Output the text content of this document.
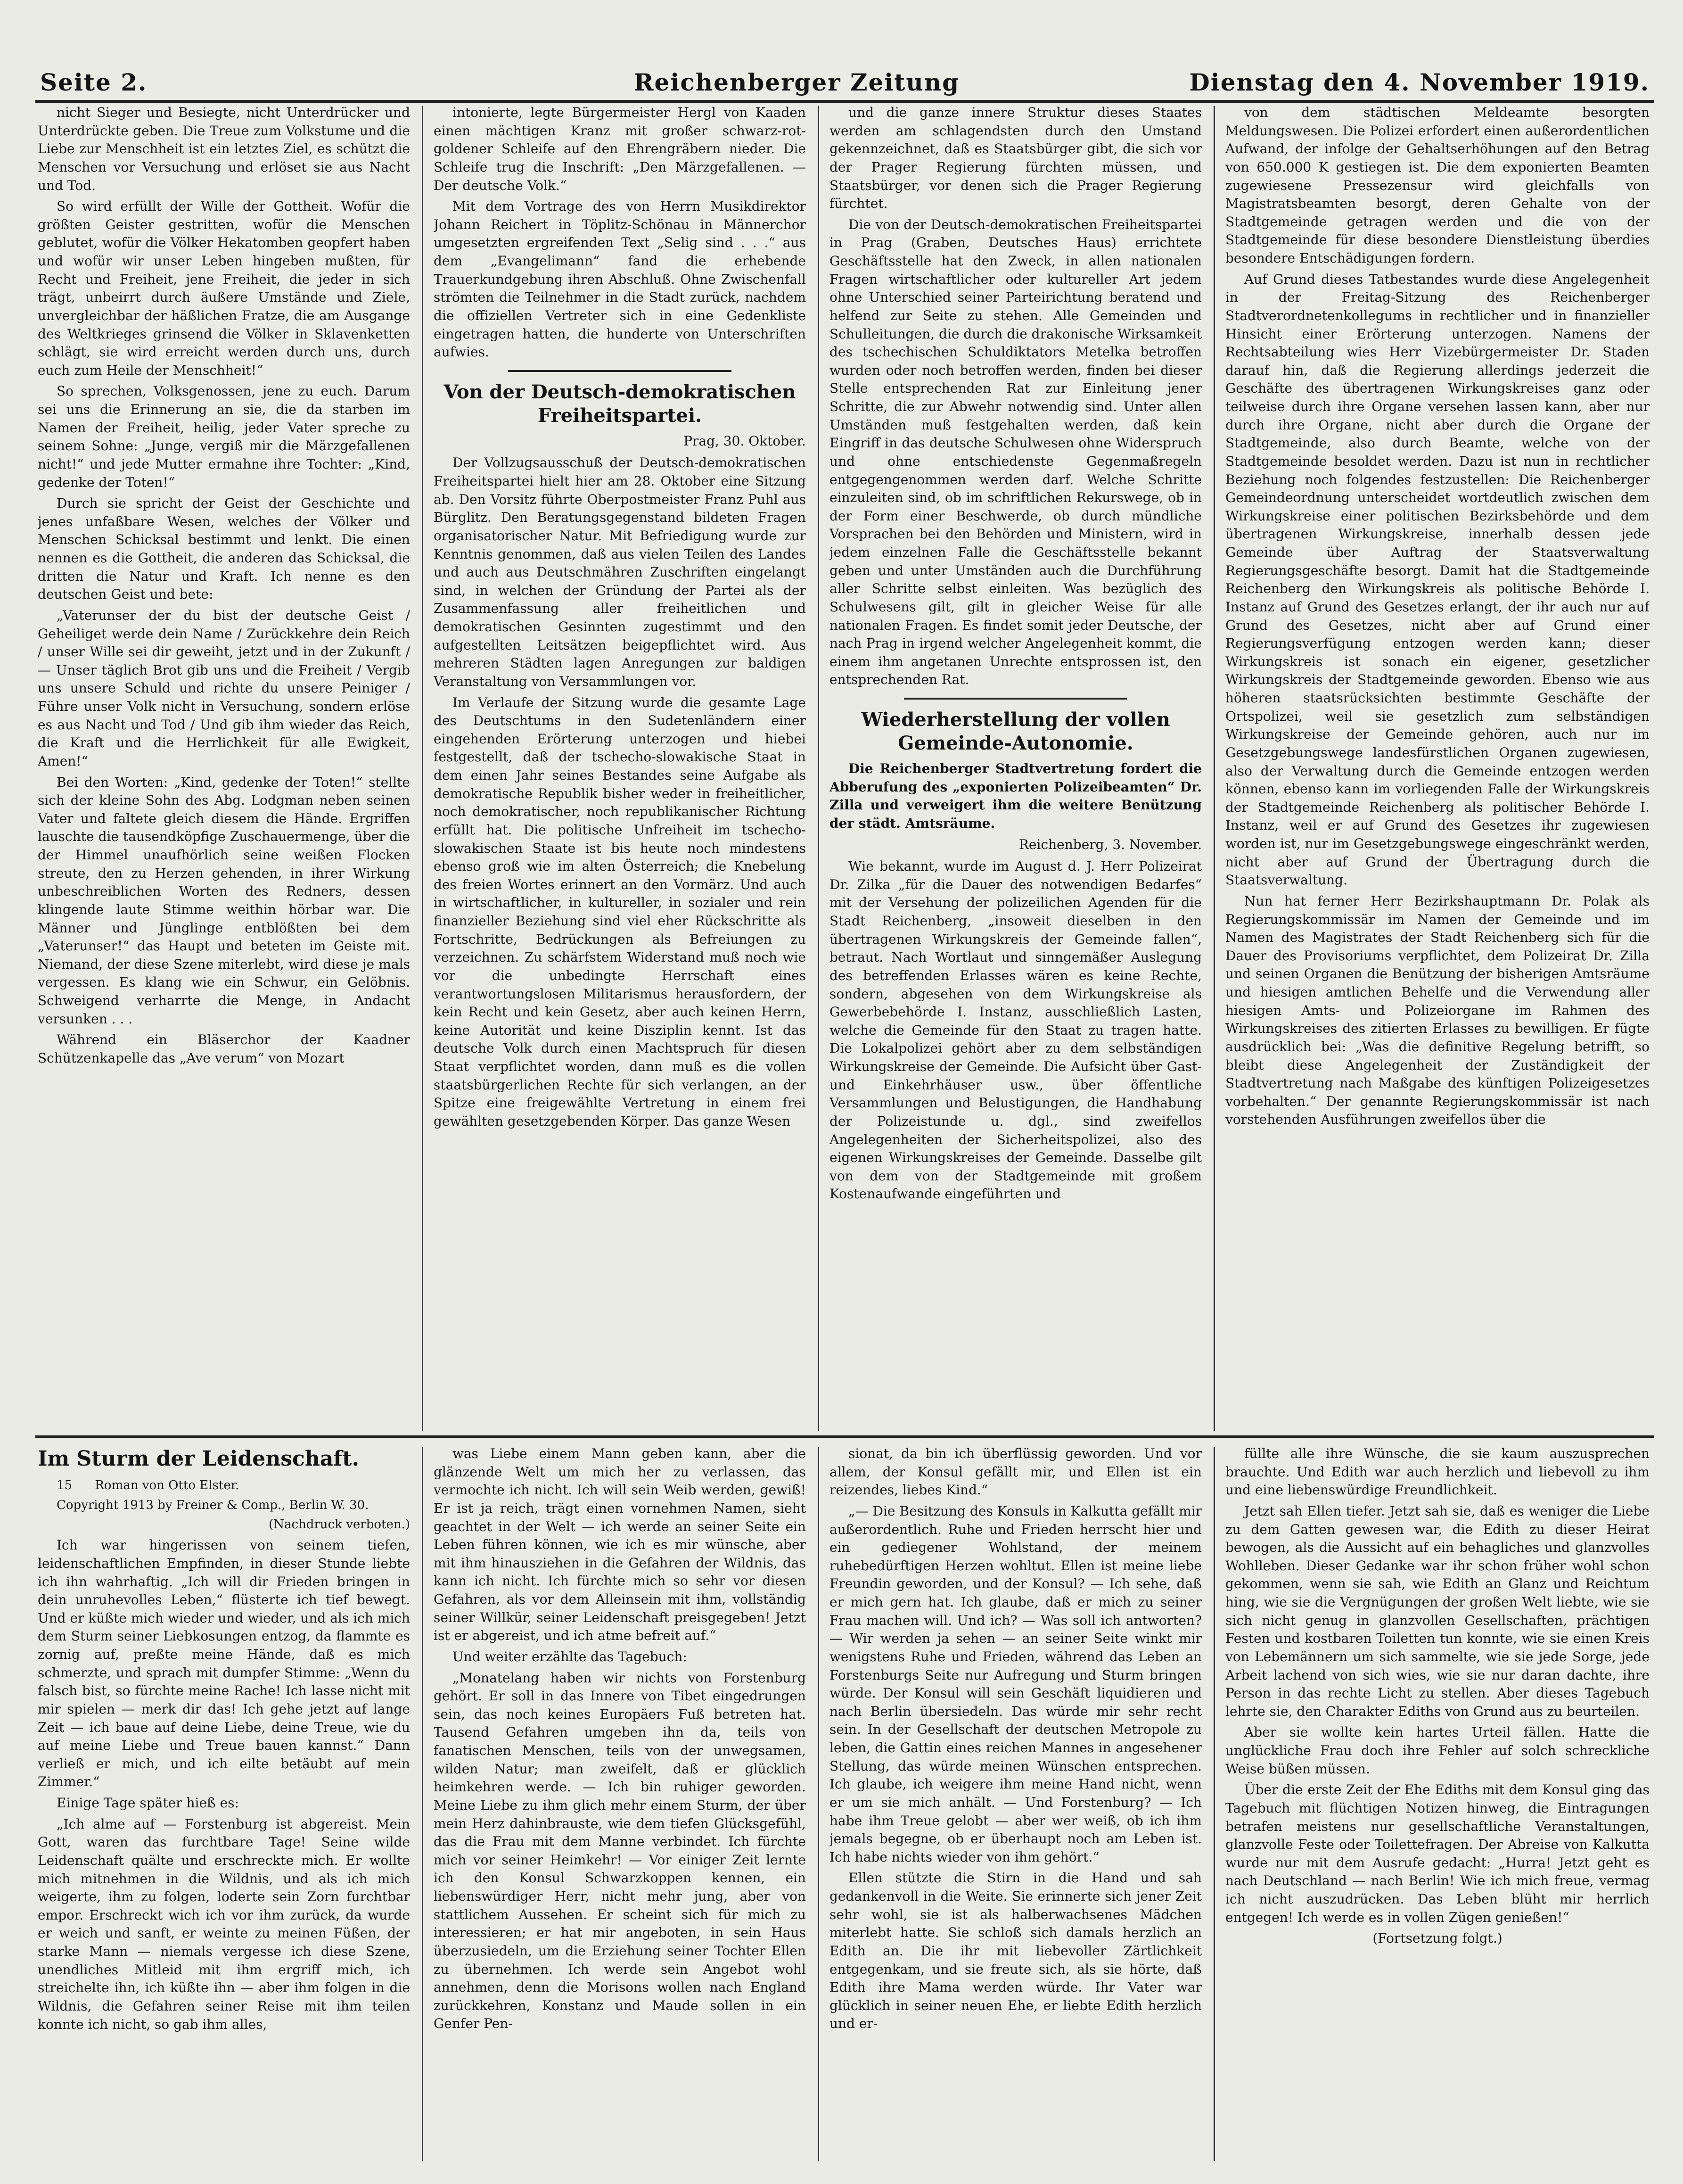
Seite 2.	Reichenberger Zeitung	Dienstag den 4. November 1919.

nicht Sieger und Besiegte, nicht Unterdrücker und Unterdrückte geben. Die Treue zum Volkstume und die Liebe zur Menschheit ist ein letztes Ziel, es schützt die Menschen vor Versuchung und erlöset sie aus Nacht und Tod.

So wird erfüllt der Wille der Gottheit. Wofür die größten Geister gestritten, wofür die Menschen geblutet, wofür die Völker Hekatomben geopfert haben und wofür wir unser Leben hingeben mußten, für Recht und Freiheit, jene Freiheit, die jeder in sich trägt, unbeirrt durch äußere Umstände und Ziele, unvergleichbar der häßlichen Fratze, die am Ausgange des Weltkrieges grinsend die Völker in Sklavenketten schlägt, sie wird erreicht werden durch uns, durch euch zum Heile der Menschheit!“

So sprechen, Volksgenossen, jene zu euch. Darum sei uns die Erinnerung an sie, die da starben im Namen der Freiheit, heilig, jeder Vater spreche zu seinem Sohne: „Junge, vergiß mir die Märzgefallenen nicht!“ und jede Mutter ermahne ihre Tochter: „Kind, gedenke der Toten!“

Durch sie spricht der Geist der Geschichte und jenes unfaßbare Wesen, welches der Völker und Menschen Schicksal bestimmt und lenkt. Die einen nennen es die Gottheit, die anderen das Schicksal, die dritten die Natur und Kraft. Ich nenne es den deutschen Geist und bete:

„Vaterunser der du bist der deutsche Geist / Geheiliget werde dein Name / Zurückkehre dein Reich / unser Wille sei dir geweiht, jetzt und in der Zukunft / — Unser täglich Brot gib uns und die Freiheit / Vergib uns unsere Schuld und richte du unsere Peiniger / Führe unser Volk nicht in Versuchung, sondern erlöse es aus Nacht und Tod / Und gib ihm wieder das Reich, die Kraft und die Herrlichkeit für alle Ewigkeit, Amen!“

Bei den Worten: „Kind, gedenke der Toten!“ stellte sich der kleine Sohn des Abg. Lodgman neben seinen Vater und faltete gleich diesem die Hände. Ergriffen lauschte die tausendköpfige Zuschauermenge, über die der Himmel unaufhörlich seine weißen Flocken streute, den zu Herzen gehenden, in ihrer Wirkung unbeschreiblichen Worten des Redners, dessen klingende laute Stimme weithin hörbar war. Die Männer und Jünglinge entblößten bei dem „Vaterunser!“ das Haupt und beteten im Geiste mit. Niemand, der diese Szene miterlebt, wird diese je mals vergessen. Es klang wie ein Schwur, ein Gelöbnis. Schweigend verharrte die Menge, in Andacht versunken . . .

Während ein Bläserchor der Kaadner Schützenkapelle das „Ave verum“ von Mozart

intonierte, legte Bürgermeister Hergl von Kaaden einen mächtigen Kranz mit großer schwarz-rot-goldener Schleife auf den Ehrengräbern nieder. Die Schleife trug die Inschrift: „Den Märzgefallenen. — Der deutsche Volk.“

Mit dem Vortrage des von Herrn Musikdirektor Johann Reichert in Töplitz-Schönau in Männerchor umgesetzten ergreifenden Text „Selig sind . . .“ aus dem „Evangelimann“ fand die erhebende Trauerkundgebung ihren Abschluß. Ohne Zwischenfall strömten die Teilnehmer in die Stadt zurück, nachdem die offiziellen Vertreter sich in eine Gedenkliste eingetragen hatten, die hunderte von Unterschriften aufwies.

Von der Deutsch-demokratischen Freiheitspartei.
Prag, 30. Oktober.

Der Vollzugsausschuß der Deutsch-demokratischen Freiheitspartei hielt hier am 28. Oktober eine Sitzung ab. Den Vorsitz führte Oberpostmeister Franz Puhl aus Bürglitz. Den Beratungsgegenstand bildeten Fragen organisatorischer Natur. Mit Befriedigung wurde zur Kenntnis genommen, daß aus vielen Teilen des Landes und auch aus Deutschmähren Zuschriften eingelangt sind, in welchen der Gründung der Partei als der Zusammenfassung aller freiheitlichen und demokratischen Gesinnten zugestimmt und den aufgestellten Leitsätzen beigepflichtet wird. Aus mehreren Städten lagen Anregungen zur baldigen Veranstaltung von Versammlungen vor.

Im Verlaufe der Sitzung wurde die gesamte Lage des Deutschtums in den Sudetenländern einer eingehenden Erörterung unterzogen und hiebei festgestellt, daß der tschecho-slowakische Staat in dem einen Jahr seines Bestandes seine Aufgabe als demokratische Republik bisher weder in freiheitlicher, noch demokratischer, noch republikanischer Richtung erfüllt hat. Die politische Unfreiheit im tschecho-slowakischen Staate ist bis heute noch mindestens ebenso groß wie im alten Österreich; die Knebelung des freien Wortes erinnert an den Vormärz. Und auch in wirtschaftlicher, in kultureller, in sozialer und rein finanzieller Beziehung sind viel eher Rückschritte als Fortschritte, Bedrückungen als Befreiungen zu verzeichnen. Zu schärfstem Widerstand muß noch wie vor die unbedingte Herrschaft eines verantwortungslosen Militarismus herausfordern, der kein Recht und kein Gesetz, aber auch keinen Herrn, keine Autorität und keine Disziplin kennt. Ist das deutsche Volk durch einen Machtspruch für diesen Staat verpflichtet worden, dann muß es die vollen staatsbürgerlichen Rechte für sich verlangen, an der Spitze eine freigewählte Vertretung in einem frei gewählten gesetzgebenden Körper. Das ganze Wesen

und die ganze innere Struktur dieses Staates werden am schlagendsten durch den Umstand gekennzeichnet, daß es Staatsbürger gibt, die sich vor der Prager Regierung fürchten müssen, und Staatsbürger, vor denen sich die Prager Regierung fürchtet.

Die von der Deutsch-demokratischen Freiheitspartei in Prag (Graben, Deutsches Haus) errichtete Geschäftsstelle hat den Zweck, in allen nationalen Fragen wirtschaftlicher oder kultureller Art jedem ohne Unterschied seiner Parteirichtung beratend und helfend zur Seite zu stehen. Alle Gemeinden und Schulleitungen, die durch die drakonische Wirksamkeit des tschechischen Schuldiktators Metelka betroffen wurden oder noch betroffen werden, finden bei dieser Stelle entsprechenden Rat zur Einleitung jener Schritte, die zur Abwehr notwendig sind. Unter allen Umständen muß festgehalten werden, daß kein Eingriff in das deutsche Schulwesen ohne Widerspruch und ohne entschiedenste Gegenmaßregeln entgegengenommen werden darf. Welche Schritte einzuleiten sind, ob im schriftlichen Rekurswege, ob in der Form einer Beschwerde, ob durch mündliche Vorsprachen bei den Behörden und Ministern, wird in jedem einzelnen Falle die Geschäftsstelle bekannt geben und unter Umständen auch die Durchführung aller Schritte selbst einleiten. Was bezüglich des Schulwesens gilt, gilt in gleicher Weise für alle nationalen Fragen. Es findet somit jeder Deutsche, der nach Prag in irgend welcher Angelegenheit kommt, die einem ihm angetanen Unrechte entsprossen ist, den entsprechenden Rat.

Wiederherstellung der vollen Gemeinde-Autonomie.

Die Reichenberger Stadtvertretung fordert die Abberufung des „exponierten Polizeibeamten“ Dr. Zilla und verweigert ihm die weitere Benützung der städt. Amtsräume.

Reichenberg, 3. November.

Wie bekannt, wurde im August d. J. Herr Polizeirat Dr. Zilka „für die Dauer des notwendigen Bedarfes“ mit der Versehung der polizeilichen Agenden für die Stadt Reichenberg, „insoweit dieselben in den übertragenen Wirkungskreis der Gemeinde fallen“, betraut. Nach Wortlaut und sinngemäßer Auslegung des betreffenden Erlasses wären es keine Rechte, sondern, abgesehen von dem Wirkungskreise als Gewerbebehörde I. Instanz, ausschließlich Lasten, welche die Gemeinde für den Staat zu tragen hatte. Die Lokalpolizei gehört aber zu dem selbständigen Wirkungskreise der Gemeinde. Die Aufsicht über Gast- und Einkehrhäuser usw., über öffentliche Versammlungen und Belustigungen, die Handhabung der Polizeistunde u. dgl., sind zweifellos Angelegenheiten der Sicherheitspolizei, also des eigenen Wirkungskreises der Gemeinde. Dasselbe gilt von dem von der Stadtgemeinde mit großem Kostenaufwande eingeführten und

von dem städtischen Meldeamte besorgten Meldungswesen. Die Polizei erfordert einen außerordentlichen Aufwand, der infolge der Gehaltserhöhungen auf den Betrag von 650.000 K gestiegen ist. Die dem exponierten Beamten zugewiesene Pressezensur wird gleichfalls von Magistratsbeamten besorgt, deren Gehalte von der Stadtgemeinde getragen werden und die von der Stadtgemeinde für diese besondere Dienstleistung überdies besondere Entschädigungen fordern.

Auf Grund dieses Tatbestandes wurde diese Angelegenheit in der Freitag-Sitzung des Reichenberger Stadtverordnetenkollegums in rechtlicher und in finanzieller Hinsicht einer Erörterung unterzogen. Namens der Rechtsabteilung wies Herr Vizebürgermeister Dr. Staden darauf hin, daß die Regierung allerdings jederzeit die Geschäfte des übertragenen Wirkungskreises ganz oder teilweise durch ihre Organe versehen lassen kann, aber nur durch ihre Organe, nicht aber durch die Organe der Stadtgemeinde, also durch Beamte, welche von der Stadtgemeinde besoldet werden. Dazu ist nun in rechtlicher Beziehung noch folgendes festzustellen: Die Reichenberger Gemeindeordnung unterscheidet wortdeutlich zwischen dem Wirkungskreise einer politischen Bezirksbehörde und dem übertragenen Wirkungskreise, innerhalb dessen jede Gemeinde über Auftrag der Staatsverwaltung Regierungsgeschäfte besorgt. Damit hat die Stadtgemeinde Reichenberg den Wirkungskreis als politische Behörde I. Instanz auf Grund des Gesetzes erlangt, der ihr auch nur auf Grund des Gesetzes, nicht aber auf Grund einer Regierungsverfügung entzogen werden kann; dieser Wirkungskreis ist sonach ein eigener, gesetzlicher Wirkungskreis der Stadtgemeinde geworden. Ebenso wie aus höheren staatsrücksichten bestimmte Geschäfte der Ortspolizei, weil sie gesetzlich zum selbständigen Wirkungskreise der Gemeinde gehören, auch nur im Gesetzgebungswege landesfürstlichen Organen zugewiesen, also der Verwaltung durch die Gemeinde entzogen werden können, ebenso kann im vorliegenden Falle der Wirkungskreis der Stadtgemeinde Reichenberg als politischer Behörde I. Instanz, weil er auf Grund des Gesetzes ihr zugewiesen worden ist, nur im Gesetzgebungswege eingeschränkt werden, nicht aber auf Grund der Übertragung durch die Staatsverwaltung.

Nun hat ferner Herr Bezirkshauptmann Dr. Polak als Regierungskommissär im Namen der Gemeinde und im Namen des Magistrates der Stadt Reichenberg sich für die Dauer des Provisoriums verpflichtet, dem Polizeirat Dr. Zilla und seinen Organen die Benützung der bisherigen Amtsräume und hiesigen amtlichen Behelfe und die Verwendung aller hiesigen Amts- und Polizeiorgane im Rahmen des Wirkungskreises des zitierten Erlasses zu bewilligen. Er fügte ausdrücklich bei: „Was die definitive Regelung betrifft, so bleibt diese Angelegenheit der Zuständigkeit der Stadtvertretung nach Maßgabe des künftigen Polizeigesetzes vorbehalten.“ Der genannte Regierungskommissär ist nach vorstehenden Ausführungen zweifellos über die

Im Sturm der Leidenschaft.

15 Roman von Otto Elster.

Copyright 1913 by Freiner & Comp., Berlin W. 30.

(Nachdruck verboten.)

Ich war hingerissen von seinem tiefen, leidenschaftlichen Empfinden, in dieser Stunde liebte ich ihn wahrhaftig. „Ich will dir Frieden bringen in dein unruhevolles Leben,“ flüsterte ich tief bewegt. Und er küßte mich wieder und wieder, und als ich mich dem Sturm seiner Liebkosungen entzog, da flammte es zornig auf, preßte meine Hände, daß es mich schmerzte, und sprach mit dumpfer Stimme: „Wenn du falsch bist, so fürchte meine Rache! Ich lasse nicht mit mir spielen — merk dir das! Ich gehe jetzt auf lange Zeit — ich baue auf deine Liebe, deine Treue, wie du auf meine Liebe und Treue bauen kannst.“ Dann verließ er mich, und ich eilte betäubt auf mein Zimmer.“

Einige Tage später hieß es:

„Ich alme auf — Forstenburg ist abgereist. Mein Gott, waren das furchtbare Tage! Seine wilde Leidenschaft quälte und erschreckte mich. Er wollte mich mitnehmen in die Wildnis, und als ich mich weigerte, ihm zu folgen, loderte sein Zorn furchtbar empor. Erschreckt wich ich vor ihm zurück, da wurde er weich und sanft, er weinte zu meinen Füßen, der starke Mann — niemals vergesse ich diese Szene, unendliches Mitleid mit ihm ergriff mich, ich streichelte ihn, ich küßte ihn — aber ihm folgen in die Wildnis, die Gefahren seiner Reise mit ihm teilen konnte ich nicht, so gab ihm alles,

was Liebe einem Mann geben kann, aber die glänzende Welt um mich her zu verlassen, das vermochte ich nicht. Ich will sein Weib werden, gewiß! Er ist ja reich, trägt einen vornehmen Namen, sieht geachtet in der Welt — ich werde an seiner Seite ein Leben führen können, wie ich es mir wünsche, aber mit ihm hinausziehen in die Gefahren der Wildnis, das kann ich nicht. Ich fürchte mich so sehr vor diesen Gefahren, als vor dem Alleinsein mit ihm, vollständig seiner Willkür, seiner Leidenschaft preisgegeben! Jetzt ist er abgereist, und ich atme befreit auf.“

Und weiter erzählte das Tagebuch:

„Monatelang haben wir nichts von Forstenburg gehört. Er soll in das Innere von Tibet eingedrungen sein, das noch keines Europäers Fuß betreten hat. Tausend Gefahren umgeben ihn da, teils von fanatischen Menschen, teils von der unwegsamen, wilden Natur; man zweifelt, daß er glücklich heimkehren werde. — Ich bin ruhiger geworden. Meine Liebe zu ihm glich mehr einem Sturm, der über mein Herz dahinbrauste, wie dem tiefen Glücksgefühl, das die Frau mit dem Manne verbindet. Ich fürchte mich vor seiner Heimkehr! — Vor einiger Zeit lernte ich den Konsul Schwarzkoppen kennen, ein liebenswürdiger Herr, nicht mehr jung, aber von stattlichem Aussehen. Er scheint sich für mich zu interessieren; er hat mir angeboten, in sein Haus überzusiedeln, um die Erziehung seiner Tochter Ellen zu übernehmen. Ich werde sein Angebot wohl annehmen, denn die Morisons wollen nach England zurückkehren, Konstanz und Maude sollen in ein Genfer Pen-

sionat, da bin ich überflüssig geworden. Und vor allem, der Konsul gefällt mir, und Ellen ist ein reizendes, liebes Kind.“

„— Die Besitzung des Konsuls in Kalkutta gefällt mir außerordentlich. Ruhe und Frieden herrscht hier und ein gediegener Wohlstand, der meinem ruhebedürftigen Herzen wohltut. Ellen ist meine liebe Freundin geworden, und der Konsul? — Ich sehe, daß er mich gern hat. Ich glaube, daß er mich zu seiner Frau machen will. Und ich? — Was soll ich antworten? — Wir werden ja sehen — an seiner Seite winkt mir wenigstens Ruhe und Frieden, während das Leben an Forstenburgs Seite nur Aufregung und Sturm bringen würde. Der Konsul will sein Geschäft liquidieren und nach Berlin übersiedeln. Das würde mir sehr recht sein. In der Gesellschaft der deutschen Metropole zu leben, die Gattin eines reichen Mannes in angesehener Stellung, das würde meinen Wünschen entsprechen. Ich glaube, ich weigere ihm meine Hand nicht, wenn er um sie mich anhält. — Und Forstenburg? — Ich habe ihm Treue gelobt — aber wer weiß, ob ich ihm jemals begegne, ob er überhaupt noch am Leben ist. Ich habe nichts wieder von ihm gehört.“

Ellen stützte die Stirn in die Hand und sah gedankenvoll in die Weite. Sie erinnerte sich jener Zeit sehr wohl, sie ist als halberwachsenes Mädchen miterlebt hatte. Sie schloß sich damals herzlich an Edith an. Die ihr mit liebevoller Zärtlichkeit entgegenkam, und sie freute sich, als sie hörte, daß Edith ihre Mama werden würde. Ihr Vater war glücklich in seiner neuen Ehe, er liebte Edith herzlich und er-

füllte alle ihre Wünsche, die sie kaum auszusprechen brauchte. Und Edith war auch herzlich und liebevoll zu ihm und eine liebenswürdige Freundlichkeit.

Jetzt sah Ellen tiefer. Jetzt sah sie, daß es weniger die Liebe zu dem Gatten gewesen war, die Edith zu dieser Heirat bewogen, als die Aussicht auf ein behagliches und glanzvolles Wohlleben. Dieser Gedanke war ihr schon früher wohl schon gekommen, wenn sie sah, wie Edith an Glanz und Reichtum hing, wie sie die Vergnügungen der großen Welt liebte, wie sie sich nicht genug in glanzvollen Gesellschaften, prächtigen Festen und kostbaren Toiletten tun konnte, wie sie einen Kreis von Lebemännern um sich sammelte, wie sie jede Sorge, jede Arbeit lachend von sich wies, wie sie nur daran dachte, ihre Person in das rechte Licht zu stellen. Aber dieses Tagebuch lehrte sie, den Charakter Ediths von Grund aus zu beurteilen.

Aber sie wollte kein hartes Urteil fällen. Hatte die unglückliche Frau doch ihre Fehler auf solch schreckliche Weise büßen müssen.

Über die erste Zeit der Ehe Ediths mit dem Konsul ging das Tagebuch mit flüchtigen Notizen hinweg, die Eintragungen betrafen meistens nur gesellschaftliche Veranstaltungen, glanzvolle Feste oder Toilettefragen. Der Abreise von Kalkutta wurde nur mit dem Ausrufe gedacht: „Hurra! Jetzt geht es nach Deutschland — nach Berlin! Wie ich mich freue, vermag ich nicht auszudrücken. Das Leben blüht mir herrlich entgegen! Ich werde es in vollen Zügen genießen!“

(Fortsetzung folgt.)
